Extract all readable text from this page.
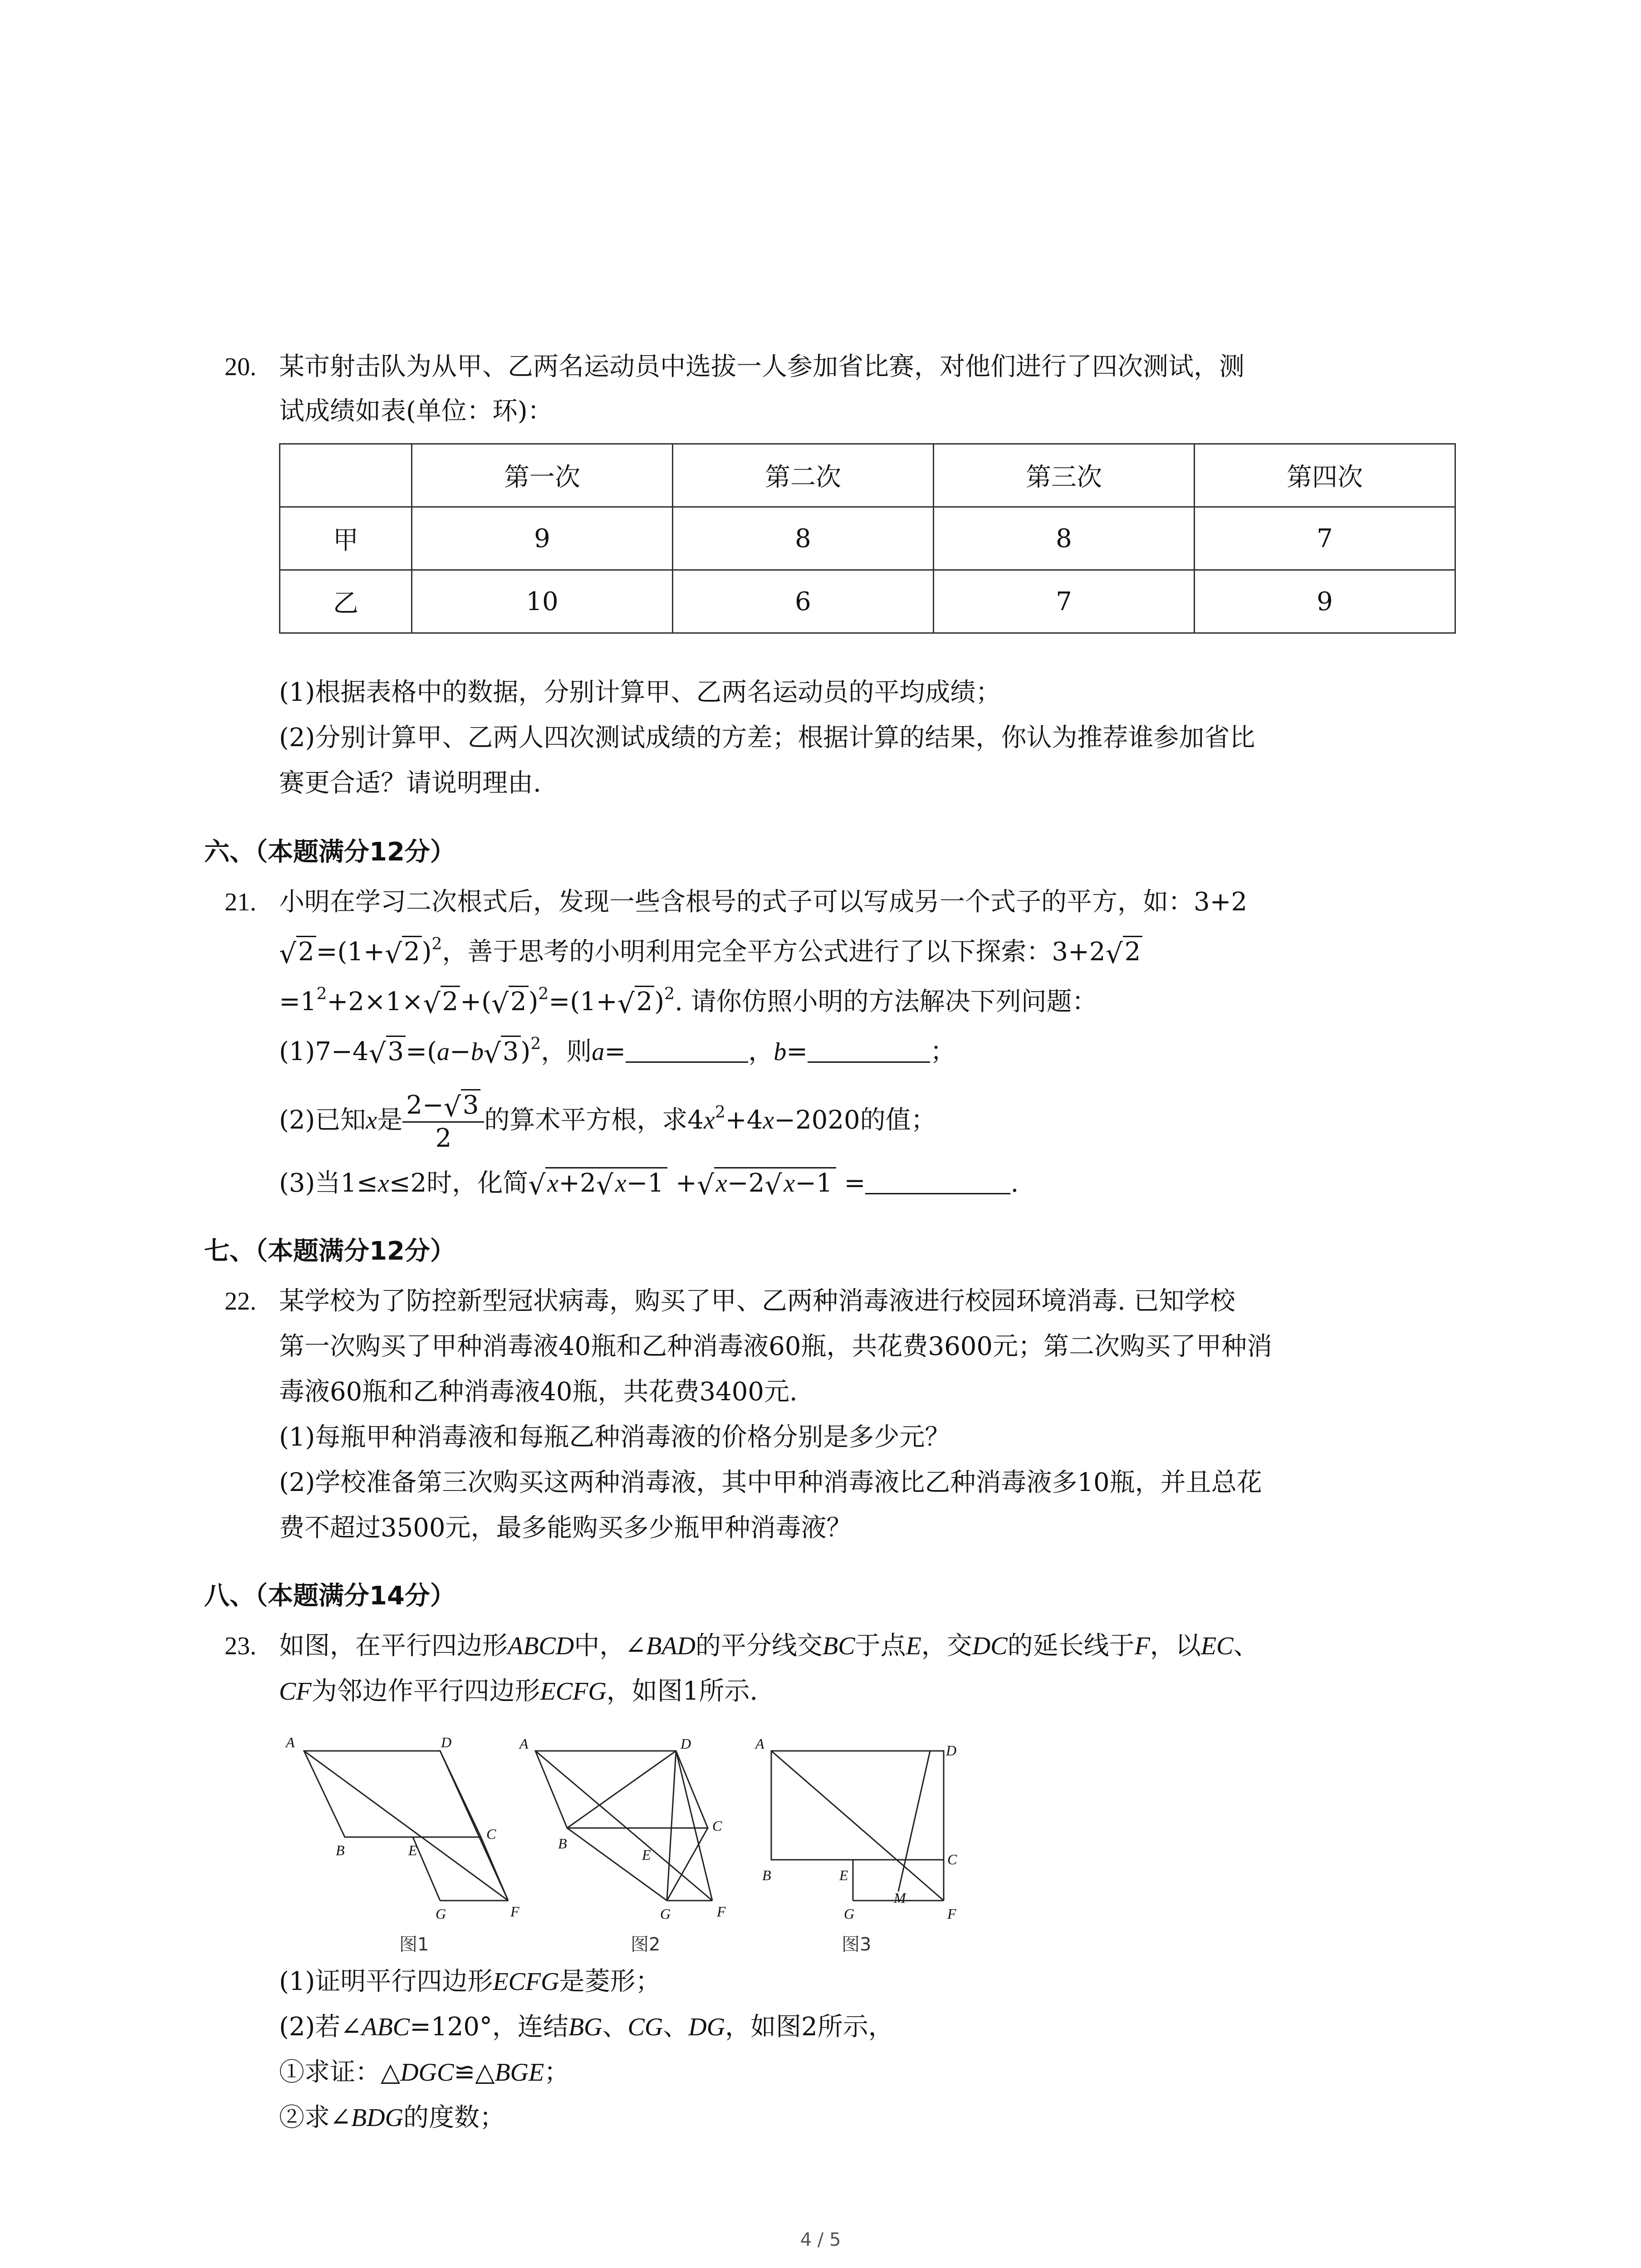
20. 某市射击队为从甲、乙两名运动员中选拔一人参加省比赛，对他们进行了四次测试，测
试成绩如表(单位：环)：
	第一次	第二次	第三次	第四次
甲	9	8	8	7
乙	10	6	7	9
(1)根据表格中的数据，分别计算甲、乙两名运动员的平均成绩；
(2)分别计算甲、乙两人四次测试成绩的方差；根据计算的结果，你认为推荐谁参加省比
赛更合适？请说明理由.
六、（本题满分12分）
21. 小明在学习二次根式后，发现一些含根号的式子可以写成另一个式子的平方，如：3+2
√ 2=(1+ √ 2)$^2$，善于思考的小明利用完全平方公式进行了以下探索：3+2 √ 2
$=1^2+2\times 1\times$ √ 2+( √ 2)$^2$=(1+ √ 2)$^2$. 请你仿照小明的方法解决下列问题：
(1)7−4 √ 3=(a−b √ 3)$^2$，则a=	，b=	；
(2)已知x是 $\frac{2- √ 3}{2}$ 的算术平方根，求$4x^2+4x-2020$的值；
(3)当1≤x≤2时，化简 √ x+2 √ x−1 + √ x−2 √ x−1 =	.
七、（本题满分12分）
22. 某学校为了防控新型冠状病毒，购买了甲、乙两种消毒液进行校园环境消毒. 已知学校
第一次购买了甲种消毒液40瓶和乙种消毒液60瓶，共花费3600元；第二次购买了甲种消
毒液60瓶和乙种消毒液40瓶，共花费3400元.
(1)每瓶甲种消毒液和每瓶乙种消毒液的价格分别是多少元？
(2)学校准备第三次购买这两种消毒液，其中甲种消毒液比乙种消毒液多10瓶，并且总花
费不超过3500元，最多能购买多少瓶甲种消毒液？
八、（本题满分14分）
23. 如图，在平行四边形ABCD中，∠BAD的平分线交BC于点E，交DC的延长线于F，以EC、
CF为邻边作平行四边形ECFG，如图1所示.
A	D
C
B	E
G	F
A	D
C
B
E
G	F
A	D
C
B	E
M
G	F
图1	图2	图3
(1)证明平行四边形ECFG是菱形；
(2)若∠ABC=120°，连结BG、CG、DG，如图2所示，
①求证：△DGC≌△BGE；
②求∠BDG的度数；
4 / 5
